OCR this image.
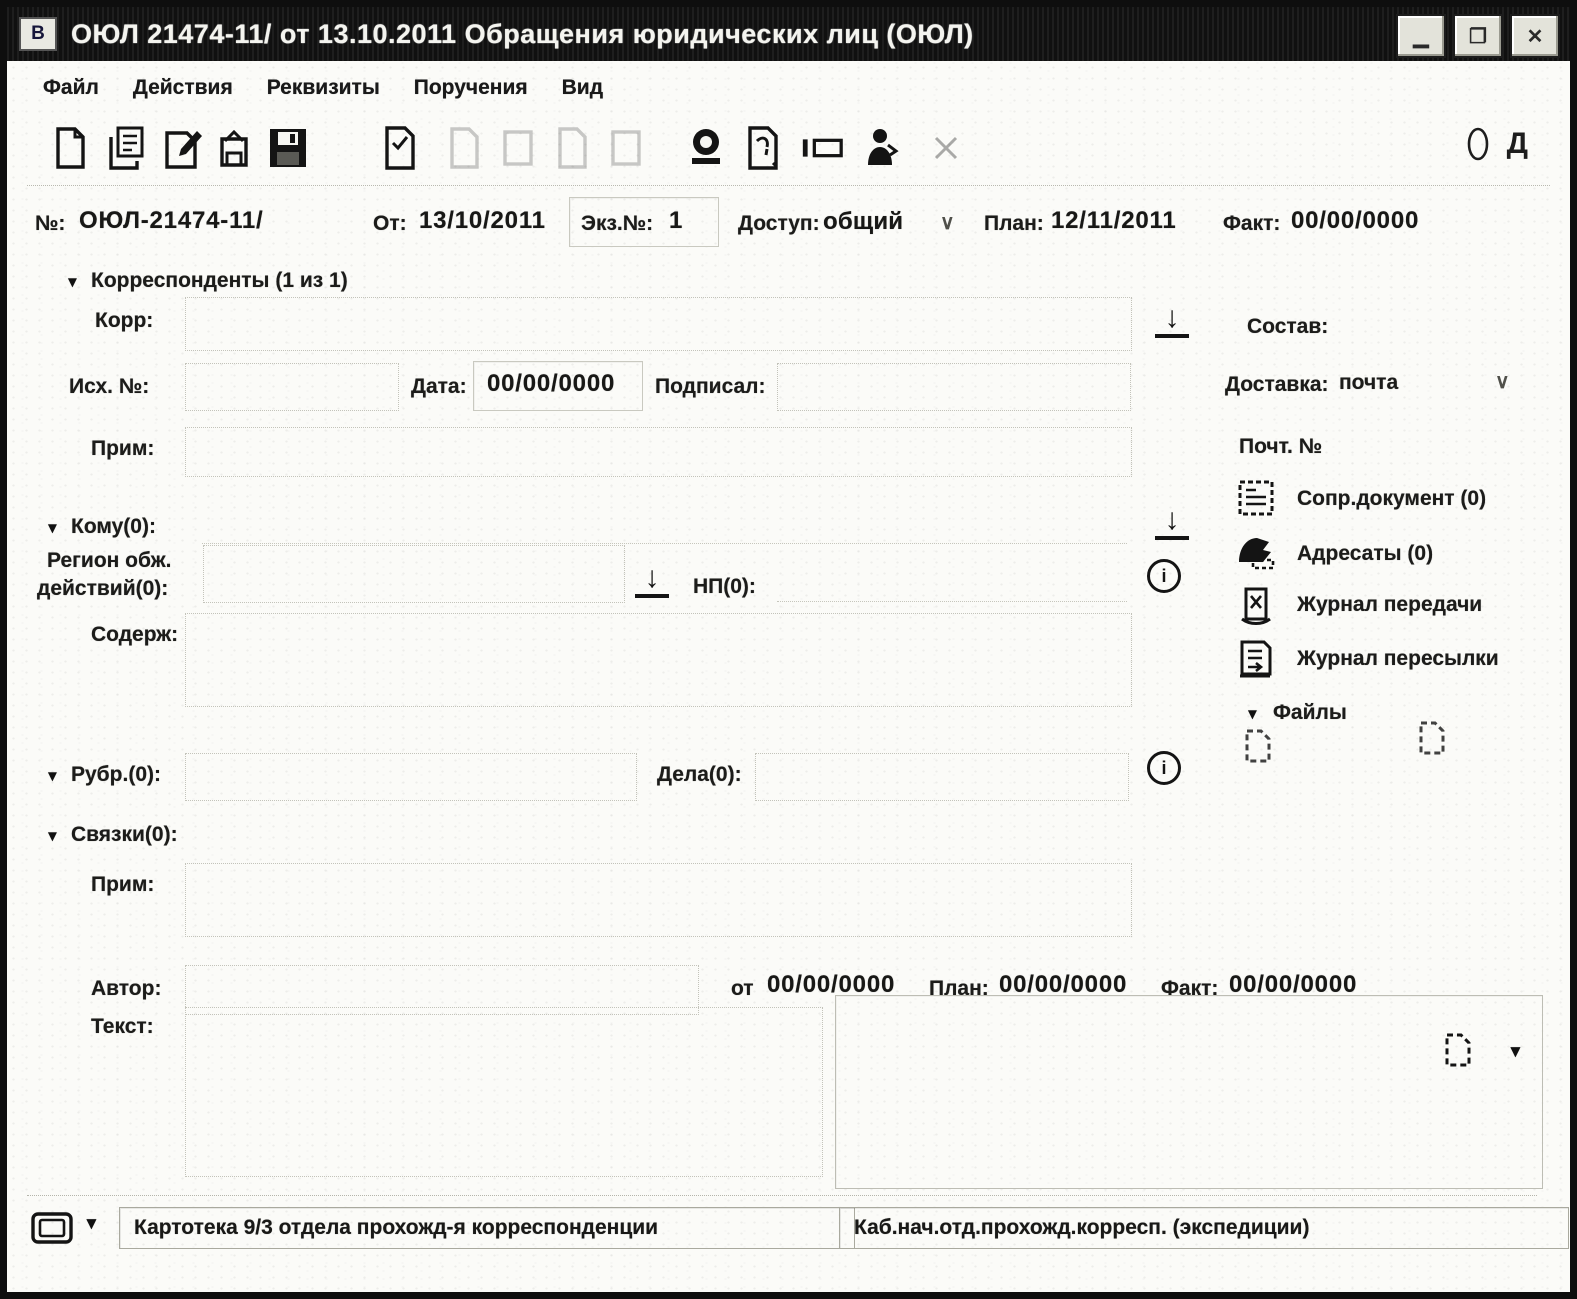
В ОЮЛ 21474-11/ от 13.10.2011 Обращения юридических лиц (ОЮЛ)	▁	❐	✕
Файл Действия Реквизиты Поручения Вид
Д
№: ОЮЛ-21474-11/	От: 13/10/2011 Экз.№: 1	Доступ: общий ∨ План: 12/11/2011 Факт: 00/00/0000
▼ Корреспонденты (1 из 1)
Корр:
Исх. №:	Дата: 00/00/0000 Подписал:
Прим:
↓	Состав:
Доставка: почта	∨
Почт. №
Сопр.документ (0)
↓
Адресаты (0)
i
Журнал передачи
Журнал пересылки
▼ Файлы
▼ Кому(0):
Регион обж.
действий(0):	↓	НП(0):
Содерж:
▼ Рубр.(0):	Дела(0):	i
▼ Связки(0):
Прим:
Автор:	от 00/00/0000 План: 00/00/0000 Факт: 00/00/0000
Текст:
▼
▼ Картотека 9/3 отдела прохожд-я корреспонденции	Каб.нач.отд.прохожд.корресп. (экспедиции)
